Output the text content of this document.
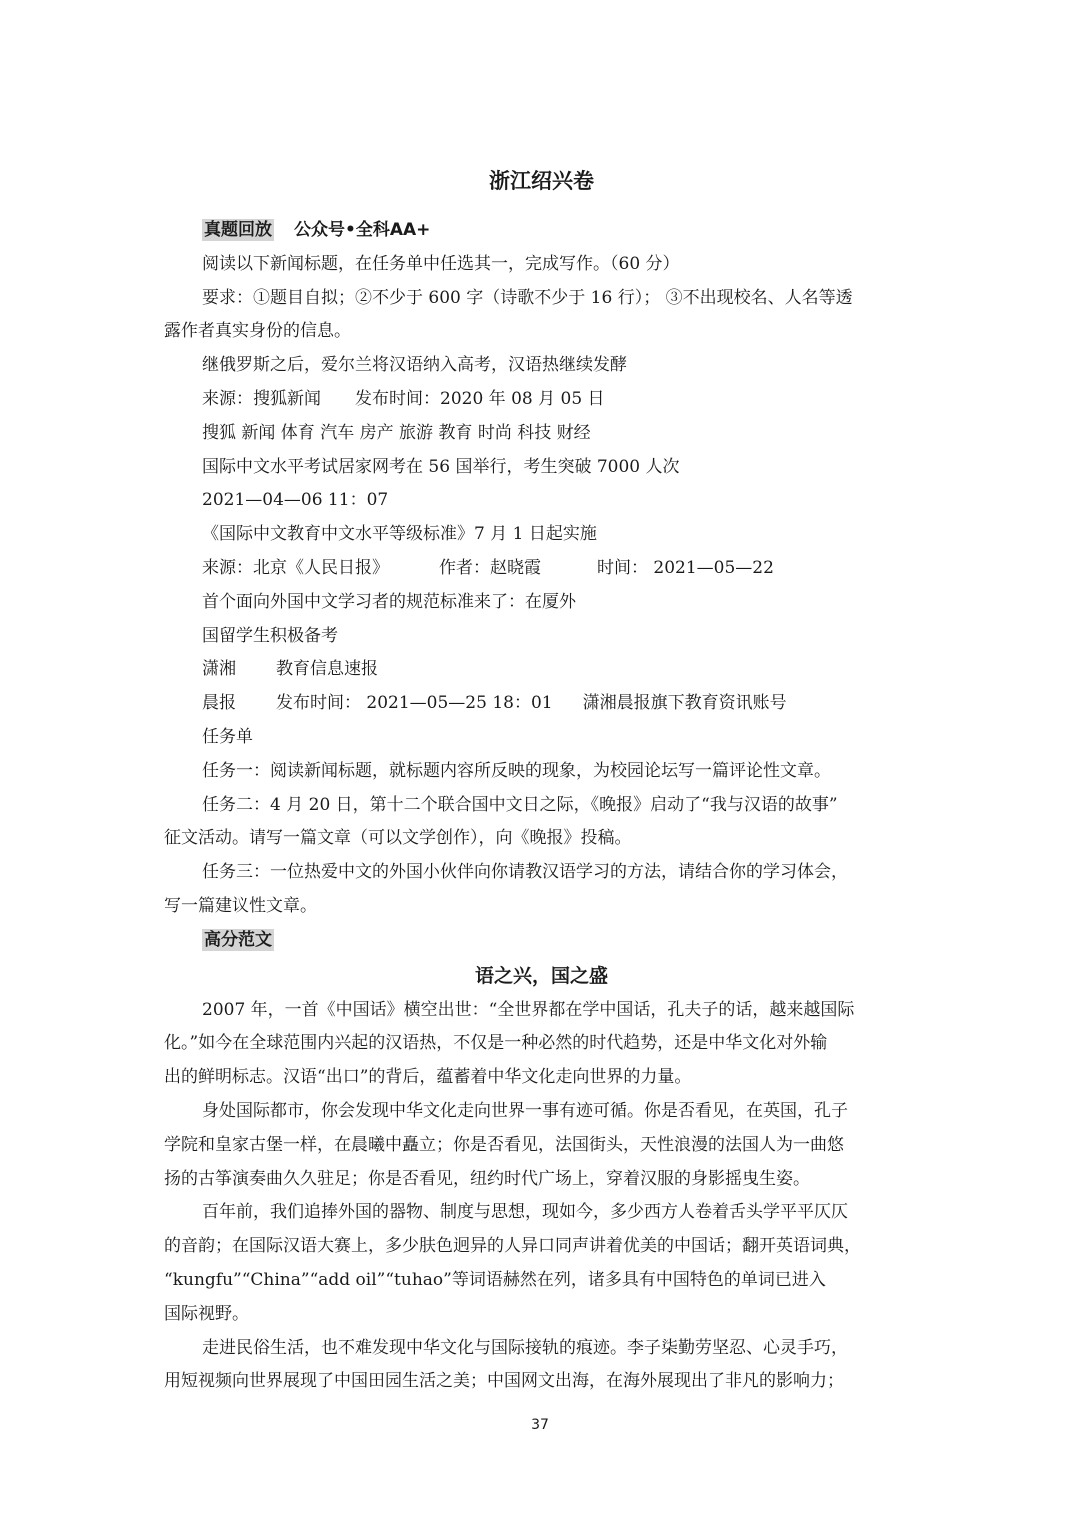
浙江绍兴卷
真题回放 公众号•全科AA+
阅读以下新闻标题，在任务单中任选其一，完成写作。（60 分）
要求：①题目自拟；②不少于 600 字（诗歌不少于 16 行）； ③不出现校名、人名等透
露作者真实身份的信息。
继俄罗斯之后，爱尔兰将汉语纳入高考，汉语热继续发酵
来源：搜狐新闻 发布时间：2020 年 08 月 05 日
搜狐 新闻 体育 汽车 房产 旅游 教育 时尚 科技 财经
国际中文水平考试居家网考在 56 国举行，考生突破 7000 人次
2021—04—06 11：07
《国际中文教育中文水平等级标准》7 月 1 日起实施
来源：北京《人民日报》	作者：赵晓霞	时间： 2021—05—22
首个面向外国中文学习者的规范标准来了：在厦外
国留学生积极备考
潇湘 教育信息速报
晨报 发布时间： 2021—05—25 18：01 潇湘晨报旗下教育资讯账号
任务单
任务一：阅读新闻标题，就标题内容所反映的现象，为校园论坛写一篇评论性文章。
任务二：4 月 20 日，第十二个联合国中文日之际，《晚报》启动了“我与汉语的故事”
征文活动。请写一篇文章（可以文学创作），向《晚报》投稿。
任务三：一位热爱中文的外国小伙伴向你请教汉语学习的方法，请结合你的学习体会，
写一篇建议性文章。
高分范文
语之兴，国之盛
2007 年，一首《中国话》横空出世：“全世界都在学中国话，孔夫子的话，越来越国际
化。”如今在全球范围内兴起的汉语热，不仅是一种必然的时代趋势，还是中华文化对外输
出的鲜明标志。汉语“出口”的背后，蕴蓄着中华文化走向世界的力量。
身处国际都市，你会发现中华文化走向世界一事有迹可循。你是否看见，在英国，孔子
学院和皇家古堡一样，在晨曦中矗立；你是否看见，法国街头，天性浪漫的法国人为一曲悠
扬的古筝演奏曲久久驻足；你是否看见，纽约时代广场上，穿着汉服的身影摇曳生姿。
百年前，我们追捧外国的器物、制度与思想，现如今，多少西方人卷着舌头学平平仄仄
的音韵；在国际汉语大赛上，多少肤色迥异的人异口同声讲着优美的中国话；翻开英语词典，
“kungfu”“China”“add oil”“tuhao”等词语赫然在列，诸多具有中国特色的单词已进入
国际视野。
走进民俗生活，也不难发现中华文化与国际接轨的痕迹。李子柒勤劳坚忍、心灵手巧，
用短视频向世界展现了中国田园生活之美；中国网文出海，在海外展现出了非凡的影响力；
37
